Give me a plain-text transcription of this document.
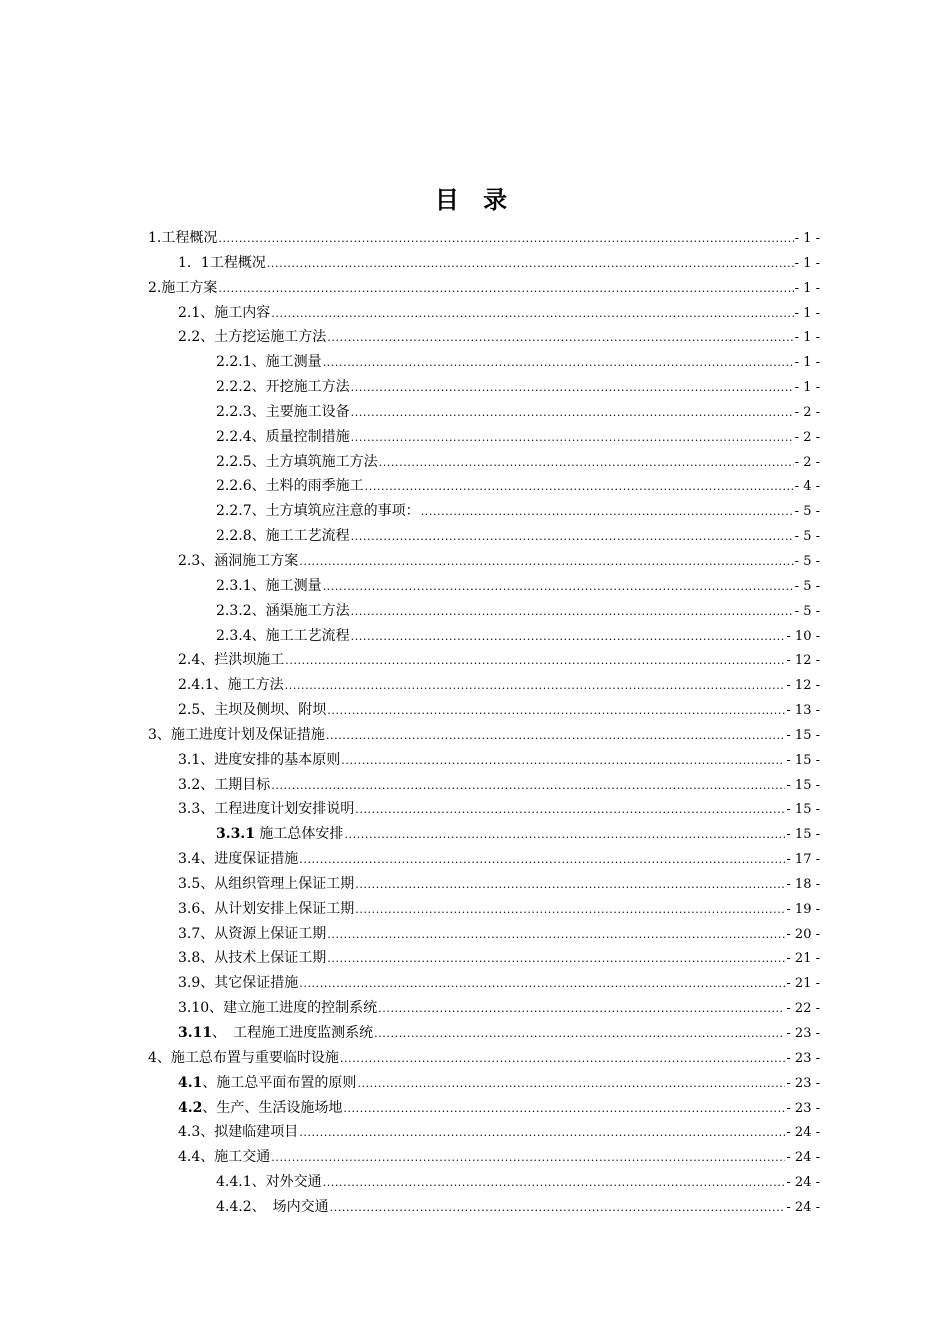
目 录
1.工程概况 .....	- 1 -
1．1工程概况 .....	- 1 -
2.施工方案 .....	- 1 -
2.1、施工内容 .....	- 1 -
2.2、土方挖运施工方法 .....	- 1 -
2.2.1、施工测量 .....	- 1 -
2.2.2、开挖施工方法 .....	- 1 -
2.2.3、主要施工设备 .....	- 2 -
2.2.4、质量控制措施 .....	- 2 -
2.2.5、土方填筑施工方法 .....	- 2 -
2.2.6、土料的雨季施工 .....	- 4 -
2.2.7、土方填筑应注意的事项： .....	- 5 -
2.2.8、施工工艺流程 .....	- 5 -
2.3、涵洞施工方案 .....	- 5 -
2.3.1、施工测量 .....	- 5 -
2.3.2、涵渠施工方法 .....	- 5 -
2.3.4、施工工艺流程 .....	- 10 -
2.4、拦洪坝施工 .....	- 12 -
2.4.1、施工方法 .....	- 12 -
2.5、主坝及侧坝、附坝 .....	- 13 -
3、施工进度计划及保证措施 .....	- 15 -
3.1、进度安排的基本原则 .....	- 15 -
3.2、工期目标 .....	- 15 -
3.3、工程进度计划安排说明 .....	- 15 -
3.3.1 施工总体安排 .....	- 15 -
3.4、进度保证措施 .....	- 17 -
3.5、从组织管理上保证工期 .....	- 18 -
3.6、从计划安排上保证工期 .....	- 19 -
3.7、从资源上保证工期 .....	- 20 -
3.8、从技术上保证工期 .....	- 21 -
3.9、其它保证措施 .....	- 21 -
3.10、建立施工进度的控制系统 .....	- 22 -
3.11、　工程施工进度监测系统 .....	- 23 -
4、施工总布置与重要临时设施 .....	- 23 -
4.1、施工总平面布置的原则 .....	- 23 -
4.2、生产、生活设施场地 .....	- 23 -
4.3、拟建临建项目 .....	- 24 -
4.4、施工交通 .....	- 24 -
4.4.1、对外交通 .....	- 24 -
4.4.2、　场内交通 .....	- 24 -
